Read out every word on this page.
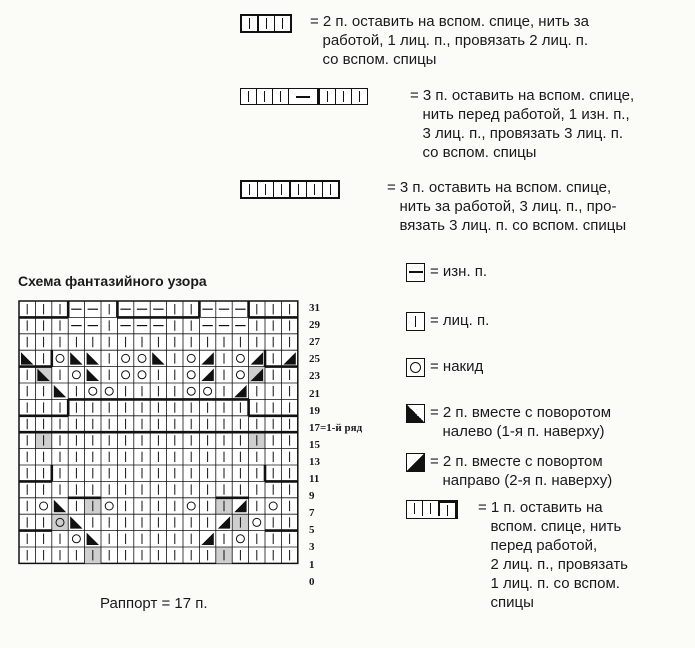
= 2 п. оставить на вспом. спице, нить за
работой, 1 лиц. п., провязать 2 лиц. п.
со вспом. спицы
= 3 п. оставить на вспом. спице,
нить перед работой, 1 изн. п.,
3 лиц. п., провязать 3 лиц. п.
со вспом. спицы
= 3 п. оставить на вспом. спице,
нить за работой, 3 лиц. п., про-
вязать 3 лиц. п. со вспом. спицы
= изн. п.
= лиц. п.
= накид
= 2 п. вместе с поворотом
налево (1-я п. наверху)
= 2 п. вместе с повортом
направо (2-я п. наверху)
= 1 п. оставить на
вспом. спице, нить
перед работой,
2 лиц. п., провязать
1 лиц. п. со вспом.
спицы
Схема фантазийного узора
31
29
27
25
23
21
19
17=1-й ряд
15
13
11
9
7
5
3
1
0
Раппорт = 17 п.
